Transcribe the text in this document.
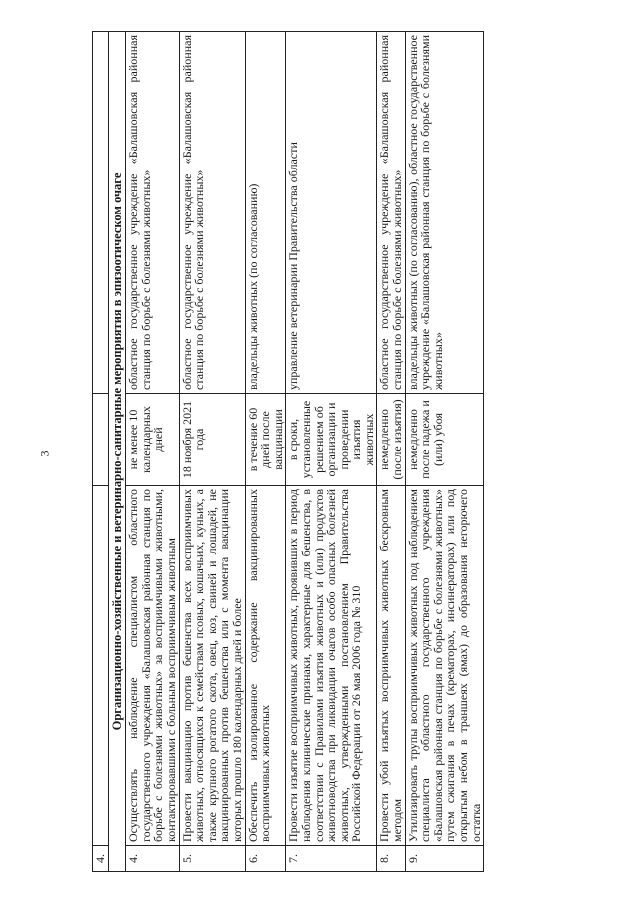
3
4.			
Организационно-хозяйственные и ветеринарно-санитарные мероприятия в эпизоотическом очаге			
4.	Осуществлять наблюдение специалистом областного государственного учреждения «Балашовская районная станция по борьбе с болезнями животных» за восприимчивыми животными, контактировавшими с больным восприимчивым животным	не менее 10 календарных дней	областное государственное учреждение «Балашовская районная станция по борьбе с болезнями животных»
5.	Провести вакцинацию против бешенства всех восприимчивых животных, относящихся к семействам псовых, кошачьих, куньих, а также крупного рогатого скота, овец, коз, свиней и лошадей, не вакцинированных против бешенства или с момента вакцинации которых прошло 180 календарных дней и более	18 ноября 2021 года	областное государственное учреждение «Балашовская районная станция по борьбе с болезнями животных»
6.	Обеспечить изолированное содержание вакцинированных восприимчивых животных	в течение 60 дней после вакцинации	владельцы животных (по согласованию)
7.	Провести изъятие восприимчивых животных, проявивших в период наблюдения клинические признаки, характерные для бешенства, в соответствии с Правилами изъятия животных и (или) продуктов животноводства при ликвидации очагов особо опасных болезней животных, утвержденными постановлением Правительства Российской Федерации от 26 мая 2006 года № 310	в сроки, установленные решением об организации и проведении изъятия животных	управление ветеринарии Правительства области
8.	Провести убой изъятых восприимчивых животных бескровным методом	немедленно (после изъятия)	областное государственное учреждение «Балашовская районная станция по борьбе с болезнями животных»
9.	Утилизировать трупы восприимчивых животных под наблюдением специалиста областного государственного учреждения «Балашовская районная станция по борьбе с болезнями животных» путем сжигания в печах (крематорах, инсинераторах) или под открытым небом в траншеях (ямах) до образования негорючего остатка	немедленно после падежа и (или) убоя	владельцы животных (по согласованию), областное государственное учреждение «Балашовская районная станция по борьбе с болезнями животных»
